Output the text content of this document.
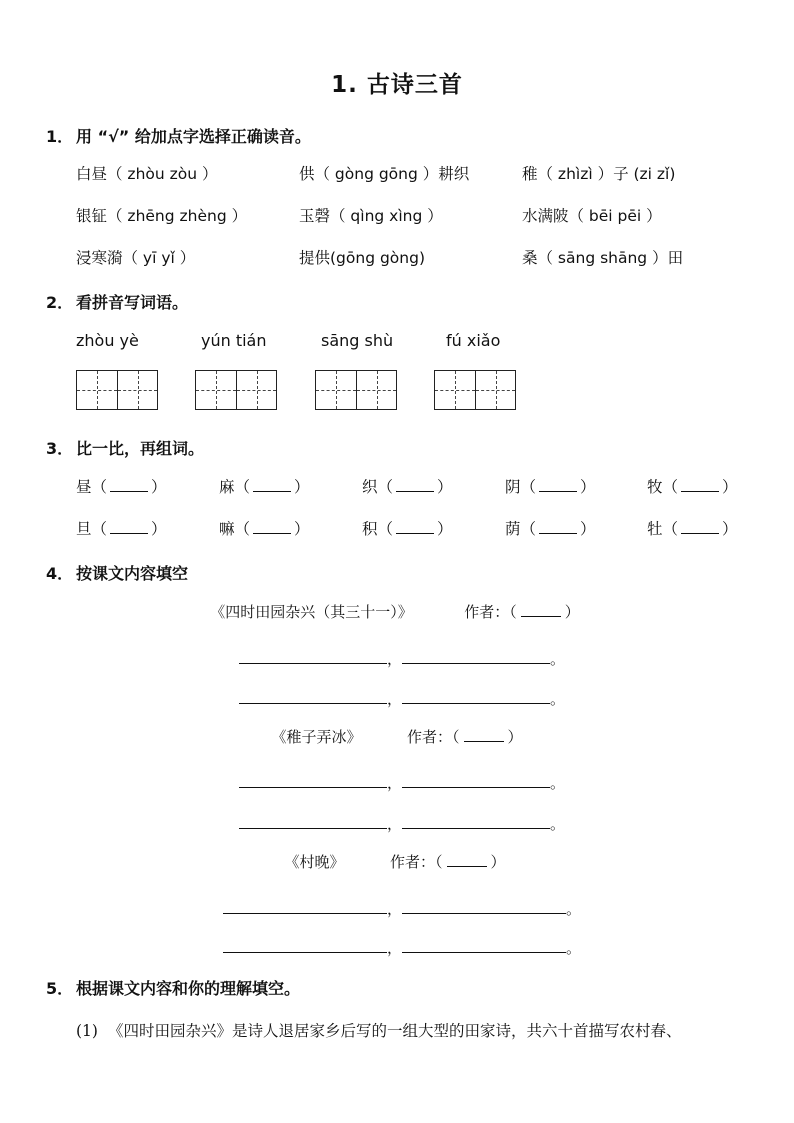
1. 古诗三首
1． 用 “√” 给加点字选择正确读音。
白昼（ zhòu zòu ）	供（ gòng gōng ）耕织	稚（ zhìzì ）子 (zi zǐ)
银钲（ zhēng zhèng ）	玉磬（ qìng xìng ）	水满陂（ bēi pēi ）
浸寒漪（ yī yǐ ）	提供(gōng gòng)	桑（ sāng shāng ）田
2． 看拼音写词语。
zhòu yè	yún tián	sāng shù	fú xiǎo
3． 比一比，再组词。
昼（	）	麻（	）	织（	）	阴（	）	牧（	）
旦（	）	嘛（	）	积（	）	荫（	）	牡（	）
4． 按课文内容填空
《四时田园杂兴（其三十一）》	作者：（	）
，	。
，	。
《稚子弄冰》	作者：（	）
，	。
，	。
《村晚》	作者：（	）
，	。
，	。
5． 根据课文内容和你的理解填空。
(1) 《四时田园杂兴》是诗人退居家乡后写的一组大型的田家诗，共六十首描写农村春、
